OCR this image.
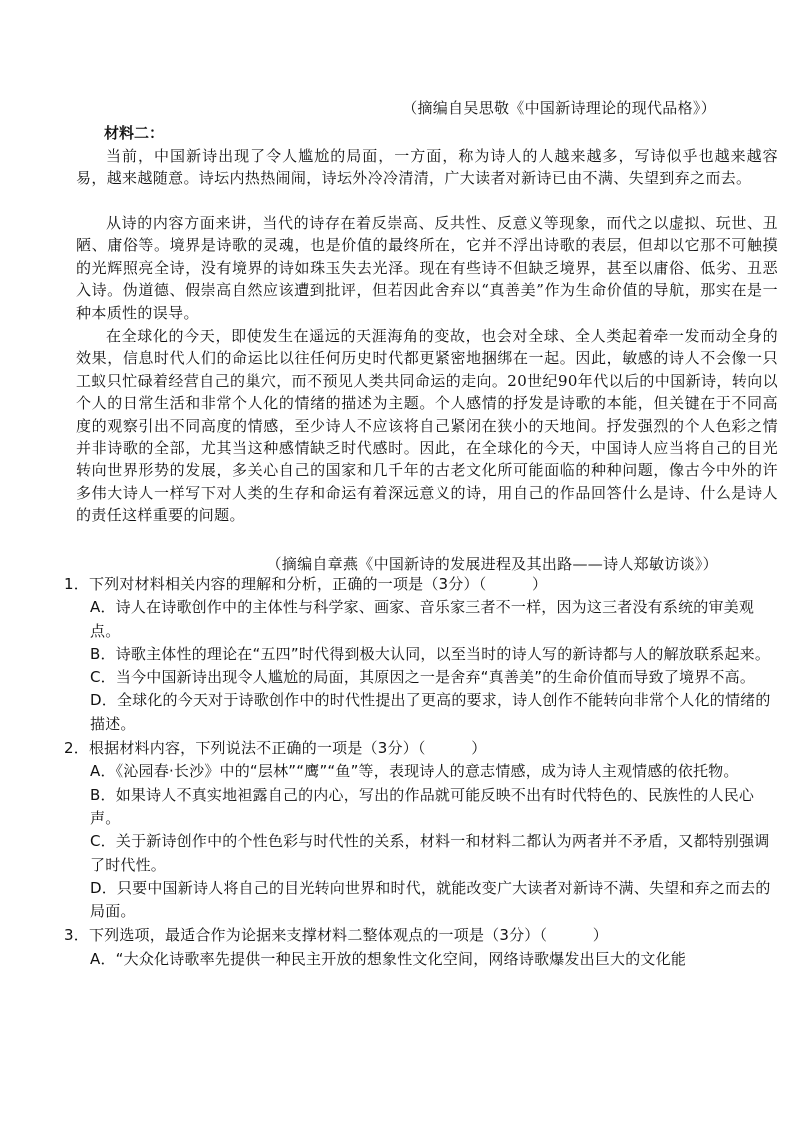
（摘编自吴思敬《中国新诗理论的现代品格》）
材料二：

当前，中国新诗出现了令人尴尬的局面，一方面，称为诗人的人越来越多，写诗似乎也越来越容易，越来越随意。诗坛内热热闹闹，诗坛外冷冷清清，广大读者对新诗已由不满、失望到弃之而去。

从诗的内容方面来讲，当代的诗存在着反崇高、反共性、反意义等现象，而代之以虚拟、玩世、丑陋、庸俗等。境界是诗歌的灵魂，也是价值的最终所在，它并不浮出诗歌的表层，但却以它那不可触摸的光辉照亮全诗，没有境界的诗如珠玉失去光泽。现在有些诗不但缺乏境界，甚至以庸俗、低劣、丑恶入诗。伪道德、假崇高自然应该遭到批评，但若因此舍弃以“真善美”作为生命价值的导航，那实在是一种本质性的误导。

在全球化的今天，即使发生在遥远的天涯海角的变故，也会对全球、全人类起着牵一发而动全身的效果，信息时代人们的命运比以往任何历史时代都更紧密地捆绑在一起。因此，敏感的诗人不会像一只工蚁只忙碌着经营自己的巢穴，而不预见人类共同命运的走向。20世纪90年代以后的中国新诗，转向以个人的日常生活和非常个人化的情绪的描述为主题。个人感情的抒发是诗歌的本能，但关键在于不同高度的观察引出不同高度的情感，至少诗人不应该将自己紧闭在狭小的天地间。抒发强烈的个人色彩之情并非诗歌的全部，尤其当这种感情缺乏时代感时。因此，在全球化的今天，中国诗人应当将自己的目光转向世界形势的发展，多关心自己的国家和几千年的古老文化所可能面临的种种问题，像古今中外的许多伟大诗人一样写下对人类的生存和命运有着深远意义的诗，用自己的作品回答什么是诗、什么是诗人的责任这样重要的问题。

（摘编自章燕《中国新诗的发展进程及其出路——诗人郑敏访谈》）
1．下列对材料相关内容的理解和分析，正确的一项是（3分）（　　　）
A．诗人在诗歌创作中的主体性与科学家、画家、音乐家三者不一样，因为这三者没有系统的审美观点。
B．诗歌主体性的理论在“五四”时代得到极大认同，以至当时的诗人写的新诗都与人的解放联系起来。
C．当今中国新诗出现令人尴尬的局面，其原因之一是舍弃“真善美”的生命价值而导致了境界不高。
D．全球化的今天对于诗歌创作中的时代性提出了更高的要求，诗人创作不能转向非常个人化的情绪的描述。
2．根据材料内容，下列说法不正确的一项是（3分）（　　　）
A．《沁园春·长沙》中的“层林”“鹰”“鱼”等，表现诗人的意志情感，成为诗人主观情感的依托物。
B．如果诗人不真实地袒露自己的内心，写出的作品就可能反映不出有时代特色的、民族性的人民心声。
C．关于新诗创作中的个性色彩与时代性的关系，材料一和材料二都认为两者并不矛盾，又都特别强调了时代性。
D．只要中国新诗人将自己的目光转向世界和时代，就能改变广大读者对新诗不满、失望和弃之而去的局面。
3．下列选项，最适合作为论据来支撑材料二整体观点的一项是（3分）（　　　）
A．“大众化诗歌率先提供一种民主开放的想象性文化空间，网络诗歌爆发出巨大的文化能
